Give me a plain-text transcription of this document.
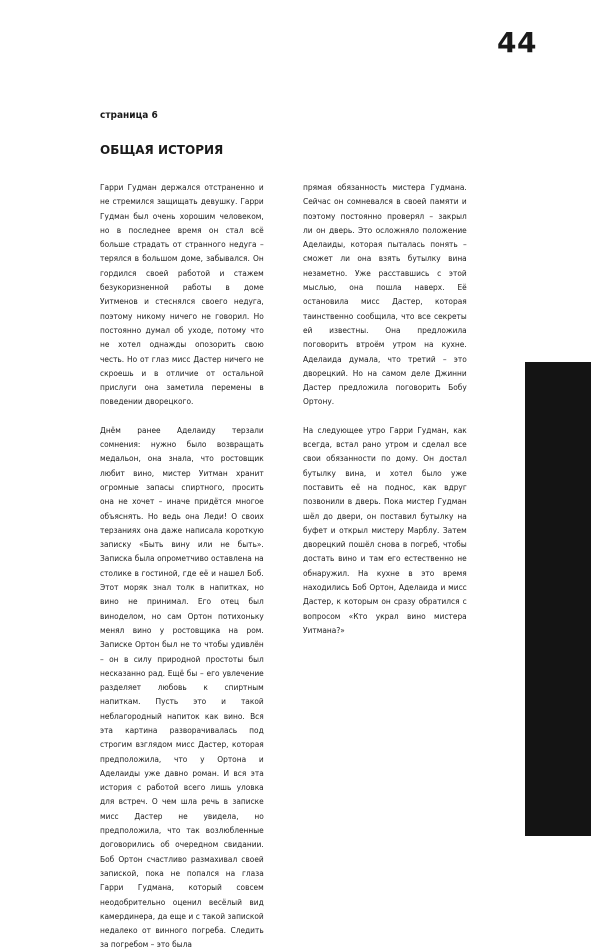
44
страница 6
ОБЩАЯ ИСТОРИЯ

Гарри Гудман держался отстраненно и не стремился защищать девушку. Гарри Гудман был очень хорошим человеком, но в последнее время он стал всё больше страдать от странного недуга – терялся в большом доме, забывался. Он гордился своей работой и стажем безукоризненной работы в доме Уитменов и стеснялся своего недуга, поэтому никому ничего не говорил. Но постоянно думал об уходе, потому что не хотел однажды опозорить свою честь. Но от глаз мисс Дастер ничего не скроешь и в отличие от остальной прислуги она заметила перемены в поведении дворецкого.

Днём ранее Аделаиду терзали сомнения: нужно было возвращать медальон, она знала, что ростовщик любит вино, мистер Уитман хранит огромные запасы спиртного, просить она не хочет – иначе придётся многое объяснять. Но ведь она Леди! О своих терзаниях она даже написала короткую записку «Быть вину или не быть». Записка была опрометчиво оставлена на столике в гостиной, где её и нашел Боб. Этот моряк знал толк в напитках, но вино не принимал. Его отец был виноделом, но сам Ортон потихоньку менял вино у ростовщика на ром. Записке Ортон был не то чтобы удивлён – он в силу природной простоты был несказанно рад. Ещё бы – его увлечение разделяет любовь к спиртным напиткам. Пусть это и такой неблагородный напиток как вино. Вся эта картина разворачивалась под строгим взглядом мисс Дастер, которая предположила, что у Ортона и Аделаиды уже давно роман. И вся эта история с работой всего лишь уловка для встреч. О чем шла речь в записке мисс Дастер не увидела, но предположила, что так возлюбленные договорились об очередном свидании. Боб Ортон счастливо размахивал своей запиской, пока не попался на глаза Гарри Гудмана, который совсем неодобрительно оценил весёлый вид камердинера, да еще и с такой запиской недалеко от винного погреба. Следить за погребом – это была

прямая обязанность мистера Гудмана. Сейчас он сомневался в своей памяти и поэтому постоянно проверял – закрыл ли он дверь. Это осложняло положение Аделаиды, которая пыталась понять – сможет ли она взять бутылку вина незаметно. Уже расставшись с этой мыслью, она пошла наверх. Её остановила мисс Дастер, которая таинственно сообщила, что все секреты ей известны. Она предложила поговорить втроём утром на кухне. Аделаида думала, что третий – это дворецкий. Но на самом деле Джинни Дастер предложила поговорить Бобу Ортону.

На следующее утро Гарри Гудман, как всегда, встал рано утром и сделал все свои обязанности по дому. Он достал бутылку вина, и хотел было уже поставить её на поднос, как вдруг позвонили в дверь. Пока мистер Гудман шёл до двери, он поставил бутылку на буфет и открыл мистеру Марблу. Затем дворецкий пошёл снова в погреб, чтобы достать вино и там его естественно не обнаружил. На кухне в это время находились Боб Ортон, Аделаида и мисс Дастер, к которым он сразу обратился с вопросом «Кто украл вино мистера Уитмана?»
